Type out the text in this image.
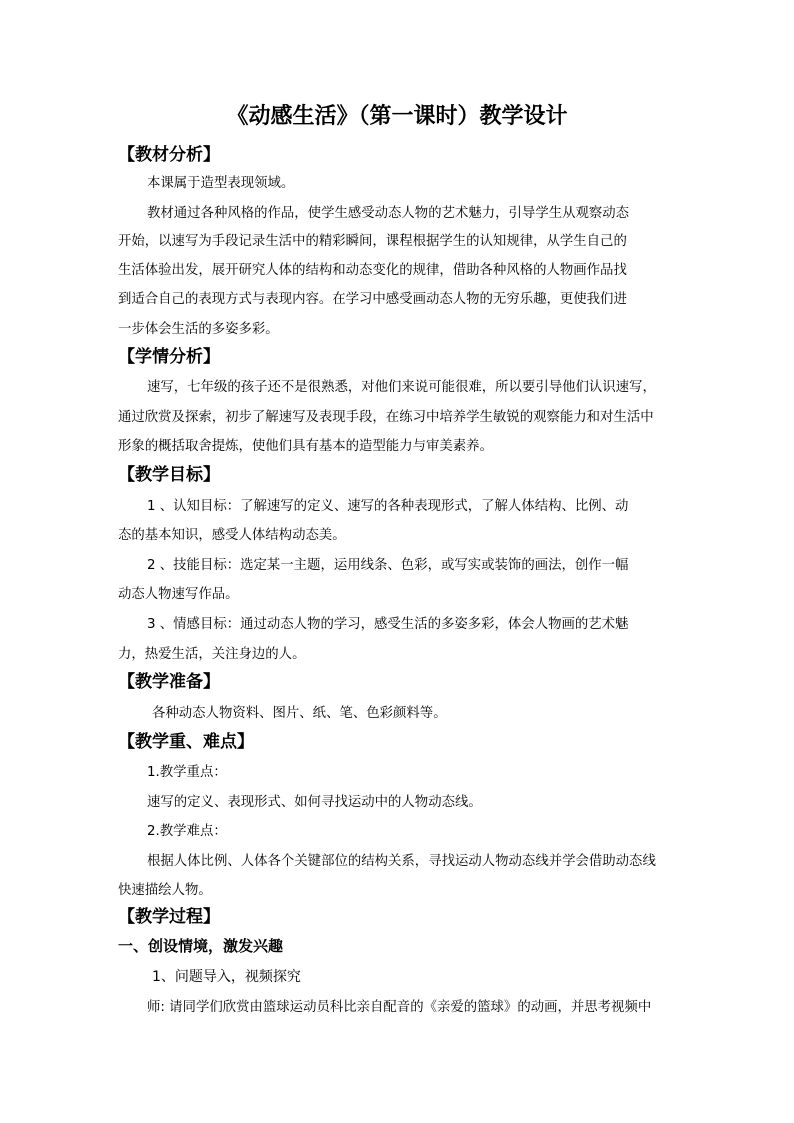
《动感生活》（第一课时）教学设计
【教材分析】
本课属于造型表现领域。
教材通过各种风格的作品，使学生感受动态人物的艺术魅力，引导学生从观察动态
开始，以速写为手段记录生活中的精彩瞬间，课程根据学生的认知规律，从学生自己的
生活体验出发，展开研究人体的结构和动态变化的规律，借助各种风格的人物画作品找
到适合自己的表现方式与表现内容。在学习中感受画动态人物的无穷乐趣，更使我们进
一步体会生活的多姿多彩。
【学情分析】
速写，七年级的孩子还不是很熟悉，对他们来说可能很难，所以要引导他们认识速写，
通过欣赏及探索，初步了解速写及表现手段，在练习中培养学生敏锐的观察能力和对生活中
形象的概括取舍提炼，使他们具有基本的造型能力与审美素养。
【教学目标】
1 、认知目标：了解速写的定义、速写的各种表现形式，了解人体结构、比例、动
态的基本知识，感受人体结构动态美。
2 、技能目标：选定某一主题，运用线条、色彩，或写实或装饰的画法，创作一幅
动态人物速写作品。
3 、情感目标：通过动态人物的学习，感受生活的多姿多彩，体会人物画的艺术魅
力，热爱生活，关注身边的人。
【教学准备】
各种动态人物资料、图片、纸、笔、色彩颜料等。
【教学重、难点】
1.教学重点：
速写的定义、表现形式、如何寻找运动中的人物动态线。
2.教学难点：
根据人体比例、人体各个关键部位的结构关系，寻找运动人物动态线并学会借助动态线
快速描绘人物。
【教学过程】
一、创设情境，激发兴趣
1、问题导入，视频探究
师: 请同学们欣赏由篮球运动员科比亲自配音的《亲爱的篮球》的动画，并思考视频中
